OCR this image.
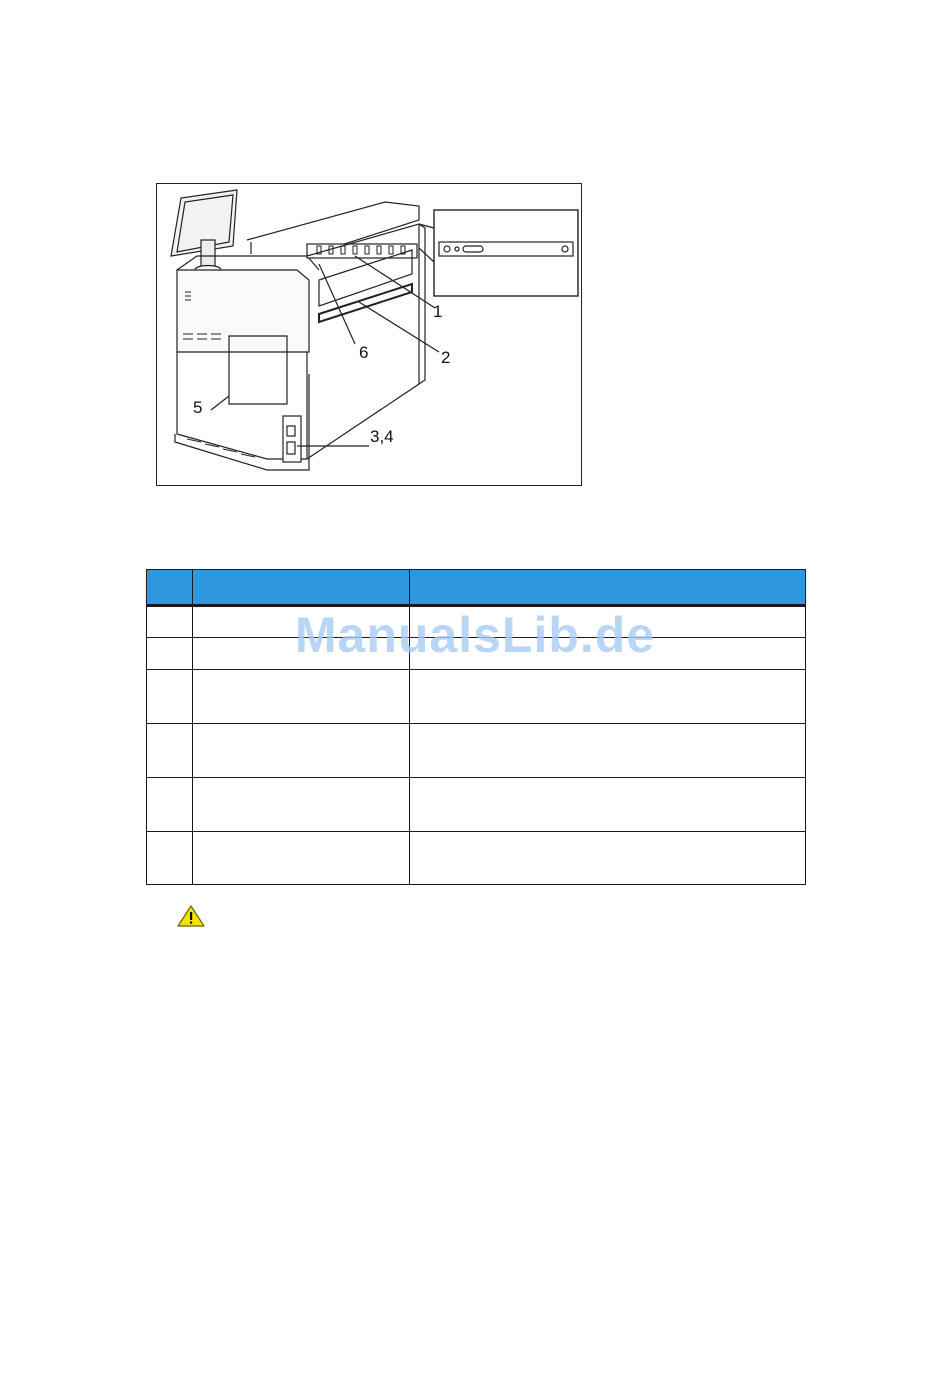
1
2
3,4
5
6
ManualsLib.de
